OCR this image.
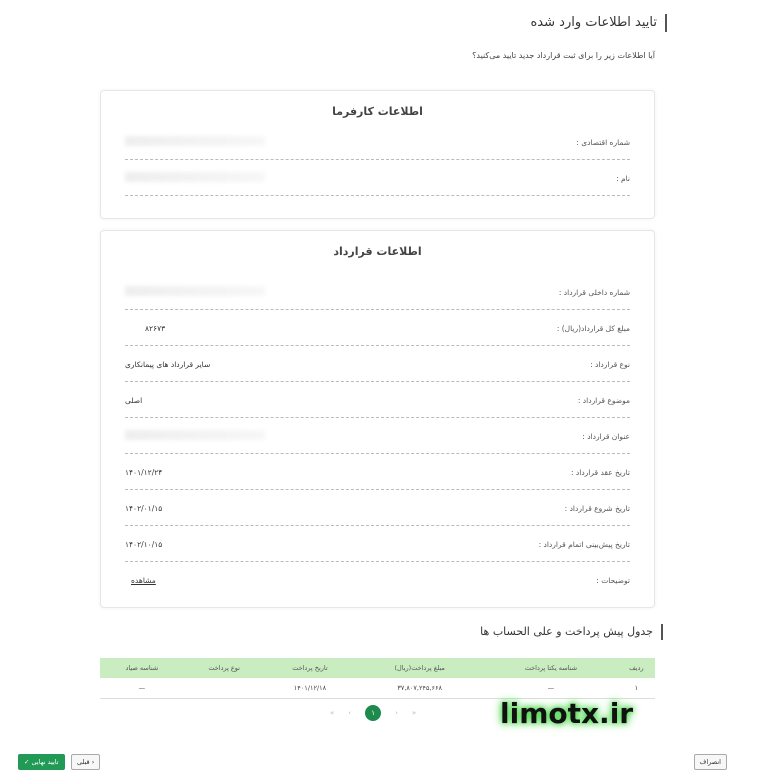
تایید اطلاعات وارد شده
آیا اطلاعات زیر را برای ثبت قرارداد جدید تایید می‌کنید؟
اطلاعات کارفرما
شماره اقتصادی :
نام :
اطلاعات قرارداد
شماره داخلی قرارداد :
مبلغ کل قرارداد(ریال) :
۸۲۶۷۳
نوع قرارداد :
سایر قرارداد های پیمانکاری
موضوع قرارداد :
اصلی
عنوان قرارداد :
تاریخ عقد قرارداد :
۱۴۰۱/۱۲/۲۴
تاریخ شروع قرارداد :
۱۴۰۲/۰۱/۱۵
تاریخ پیش‌بینی اتمام قرارداد :
۱۴۰۲/۱۰/۱۵
توضیحات :
مشاهده
جدول پیش پرداخت و علی الحساب ها
ردیف	شناسه یکتا پرداخت	مبلغ پرداخت(ریال)	تاریخ پرداخت	نوع پرداخت	شناسه صیاد
۱	—	۳۷,۸۰۷,۲۴۵,۶۶۸	۱۴۰۱/۱۲/۱۸		—
« ‹	۱	› »	limotx.ir
انصراف
‹ قبلی
تایید نهایی ✓
